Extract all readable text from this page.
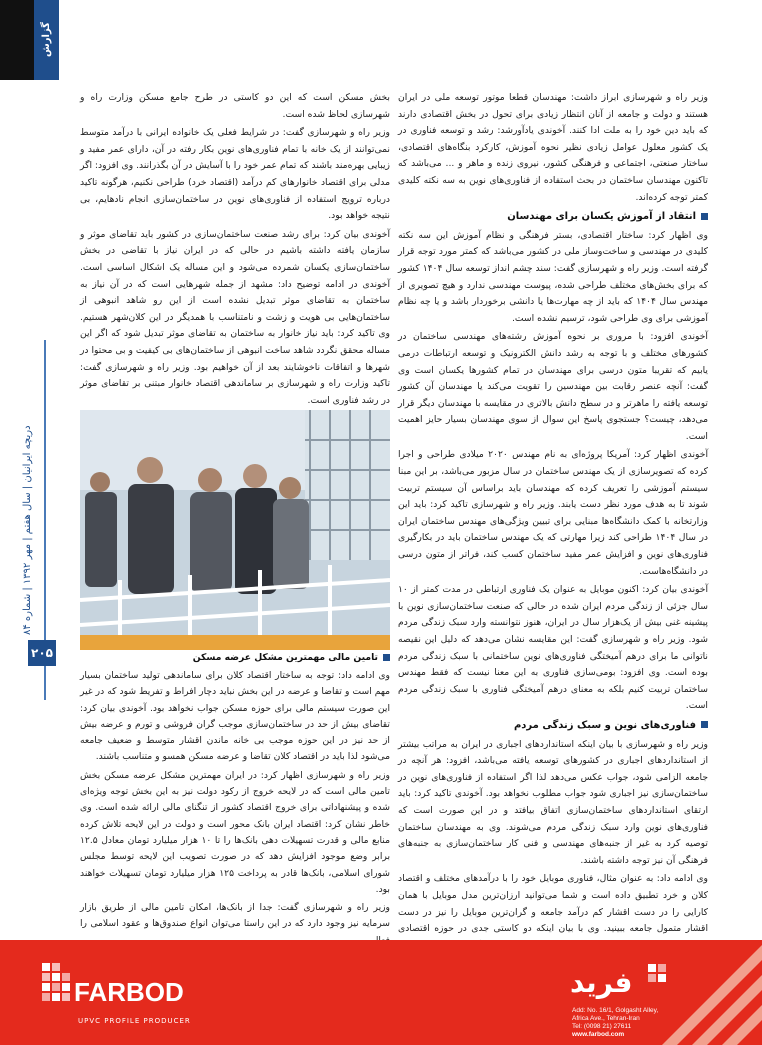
گزارش
دریچه ایرانیان | سال هفتم | مهر ۱۳۹۲ | شماره ۸۴
۲۰۵

وزیر راه و شهرسازی ابراز داشت: مهندسان قطعا موتور توسعه ملی در ایران هستند و دولت و جامعه از آنان انتظار زیادی برای تحول در بخش اقتصادی دارند که باید دین خود را به ملت ادا کنند. آخوندی یادآورشد: رشد و توسعه فناوری در یک کشور معلول عوامل زیادی نظیر نحوه آموزش، کارکرد بنگاه‌های اقتصادی، ساختار صنعتی، اجتماعی و فرهنگی کشور، نیروی زنده و ماهر و ... می‌باشد که تاکنون مهندسان ساختمان در بحث استفاده از فناوری‌های نوین به سه نکته کلیدی کمتر توجه کرده‌اند.

انتقاد از آموزش یکسان برای مهندسان

وی اظهار کرد: ساختار اقتصادی، بستر فرهنگی و نظام آموزش این سه نکته کلیدی در مهندسی و ساخت‌وساز ملی در کشور می‌باشد که کمتر مورد توجه قرار گرفته است. وزیر راه و شهرسازی گفت: سند چشم انداز توسعه سال ۱۴۰۴ کشور که برای بخش‌های مختلف طراحی شده، پیوست مهندسی ندارد و هیچ تصویری از مهندس سال ۱۴۰۴ که باید از چه مهارت‌ها یا دانشی برخوردار باشد و یا چه نظام آموزشی برای وی طراحی شود، ترسیم نشده است.

آخوندی افزود: با مروری بر نحوه آموزش رشته‌های مهندسی ساختمان در کشورهای مختلف و با توجه به رشد دانش الکترونیک و توسعه ارتباطات درمی یابیم که تقریبا متون درسی برای مهندسان در تمام کشورها یکسان است وی گفت: آنچه عنصر رقابت بین مهندسین را تقویت می‌کند یا مهندسان آن کشور توسعه یافته را ماهرتر و در سطح دانش بالاتری در مقایسه با مهندسان دیگر قرار می‌دهد، چیست؟ جستجوی پاسخ این سوال از سوی مهندسان بسیار حایز اهمیت است.

آخوندی اظهار کرد: آمریکا پروژه‌ای به نام مهندس ۲۰۲۰ میلادی طراحی و اجرا کرده که تصویرسازی از یک مهندس ساختمان در سال مزبور می‌باشد، بر این مبنا سیستم آموزشی را تعریف کرده که مهندسان باید براساس آن سیستم تربیت شوند تا به هدف مورد نظر دست یابند. وزیر راه و شهرسازی تاکید کرد: باید این وزارتخانه با کمک دانشگاه‌ها مبنایی برای تبیین ویژگی‌های مهندس ساختمان ایران در سال ۱۴۰۴ طراحی کند زیرا مهارتی که یک مهندس ساختمان باید در بکارگیری فناوری‌های نوین و افزایش عمر مفید ساختمان کسب کند، فراتر از متون درسی در دانشگاه‌هاست.

آخوندی بیان کرد: اکنون موبایل به عنوان یک فناوری ارتباطی در مدت کمتر از ۱۰ سال جزئی از زندگی مردم ایران شده در حالی که صنعت ساختمان‌سازی نوین با پیشینه غنی بیش از یک‌هزار سال در ایران، هنوز نتوانسته وارد سبک زندگی مردم شود. وزیر راه و شهرسازی گفت: این مقایسه نشان می‌دهد که دلیل این نقیصه ناتوانی ما برای درهم آمیختگی فناوری‌های نوین ساختمانی با سبک زندگی مردم بوده است. وی افزود: بومی‌سازی فناوری به این معنا نیست که فقط مهندس ساختمان تربیت کنیم بلکه به معنای درهم آمیختگی فناوری با سبک زندگی مردم است.

فناوری‌های نوین و سبک زندگی مردم

وزیر راه و شهرسازی با بیان اینکه استانداردهای اجباری در ایران به مراتب بیشتر از استانداردهای اجباری در کشورهای توسعه یافته می‌باشد، افزود: هر آنچه در جامعه الزامی شود، جواب عکس می‌دهد لذا اگر استفاده از فناوری‌های نوین در ساختمان‌سازی نیز اجباری شود جواب مطلوب نخواهد بود. آخوندی تاکید کرد: باید ارتقای استانداردهای ساختمان‌سازی اتفاق بیافتد و در این صورت است که فناوری‌های نوین وارد سبک زندگی مردم می‌شوند. وی به مهندسان ساختمان توصیه کرد به غیر از جنبه‌های مهندسی و فنی کار ساختمان‌سازی به جنبه‌های فرهنگی آن نیز توجه داشته باشند.

وی ادامه داد: به عنوان مثال، فناوری موبایل خود را با درآمدهای مختلف و اقتصاد کلان و خرد تطبیق داده است و شما می‌توانید ارزان‌ترین مدل موبایل با همان کارایی را در دست اقشار کم درآمد جامعه و گران‌ترین موبایل را نیز در دست اقشار متمول جامعه ببینید. وی با بیان اینکه دو کاستی جدی در حوزه اقتصادی

بخش مسکن است که این دو کاستی در طرح جامع مسکن وزارت راه و شهرسازی لحاظ شده است.

وزیر راه و شهرسازی گفت: در شرایط فعلی یک خانواده ایرانی با درآمد متوسط نمی‌توانند از یک خانه با تمام فناوری‌های نوین بکار رفته در آن، دارای عمر مفید و زیبایی بهره‌مند باشند که تمام عمر خود را با آسایش در آن بگذرانند. وی افزود: اگر مدلی برای اقتصاد خانوارهای کم درآمد (اقتصاد خرد) طراحی نکنیم، هرگونه تاکید درباره ترویج استفاده از فناوری‌های نوین در ساختمان‌سازی انجام نادهایم، بی نتیجه خواهد بود.

آخوندی بیان کرد: برای رشد صنعت ساختمان‌سازی در کشور باید تقاضای موثر و سازمان یافته داشته باشیم در حالی که در ایران نیاز با تقاضی در بخش ساختمان‌سازی یکسان شمرده می‌شود و این مساله یک اشکال اساسی است. آخوندی در ادامه توضیح داد: مشهد از جمله شهرهایی است که در آن نیاز به ساختمان به تقاضای موثر تبدیل نشده است از این رو شاهد انبوهی از ساختمان‌هایی بی هویت و زشت و نامتناسب با همدیگر در این کلان‌شهر هستیم. وی تاکید کرد: باید نیاز خانوار به ساختمان به تقاضای موثر تبدیل شود که اگر این مساله محقق نگردد شاهد ساخت انبوهی از ساختمان‌های بی کیفیت و بی محتوا در شهرها و اتفاقات ناخوشایند بعد از آن خواهیم بود. وزیر راه و شهرسازی گفت: تاکید وزارت راه و شهرسازی بر ساماندهی اقتصاد خانوار مبتنی بر تقاضای موثر در رشد فناوری است.

تامین مالی مهمترین مشکل عرضه مسکن

وی ادامه داد: توجه به ساختار اقتصاد کلان برای ساماندهی تولید ساختمان بسیار مهم است و تقاضا و عرضه در این بخش نباید دچار افراط و تفریط شود که در غیر این صورت سیستم مالی برای حوزه مسکن جواب نخواهد بود. آخوندی بیان کرد: تقاضای بیش از حد در ساختمان‌سازی موجب گران فروشی و تورم و عرضه بیش از حد نیز در این حوزه موجب بی خانه ماندن اقشار متوسط و ضعیف جامعه می‌شود لذا باید در اقتصاد کلان تقاضا و عرضه مسکن همسو و متناسب باشند.

وزیر راه و شهرسازی اظهار کرد: در ایران مهمترین مشکل عرضه مسکن بخش تامین مالی است که در لایحه خروج از رکود دولت نیز به این بخش توجه ویژه‌ای شده و پیشنهاداتی برای خروج اقتصاد کشور از تنگنای مالی ارائه شده است. وی خاطر نشان کرد: اقتصاد ایران بانک محور است و دولت در این لایحه تلاش کرده منابع مالی و قدرت تسهیلات دهی بانک‌ها را تا ۱۰ هزار میلیارد تومان معادل ۱۲.۵ برابر وضع موجود افزایش دهد که در صورت تصویب این لایحه توسط مجلس شورای اسلامی، بانک‌ها قادر به پرداخت ۱۲۵ هزار میلیارد تومان تسهیلات خواهند بود.

وزیر راه و شهرسازی گفت: جدا از بانک‌ها، امکان تامین مالی از طریق بازار سرمایه نیز وجود دارد که در این راستا می‌توان انواع صندوق‌ها و عقود اسلامی را

FARBOD
UPVC PROFILE PRODUCER
فرید
Add: No. 16/1, Golgasht Alley,
Africa Ave., Tehran-Iran
Tel: (0098 21) 27611
www.farbod.com
